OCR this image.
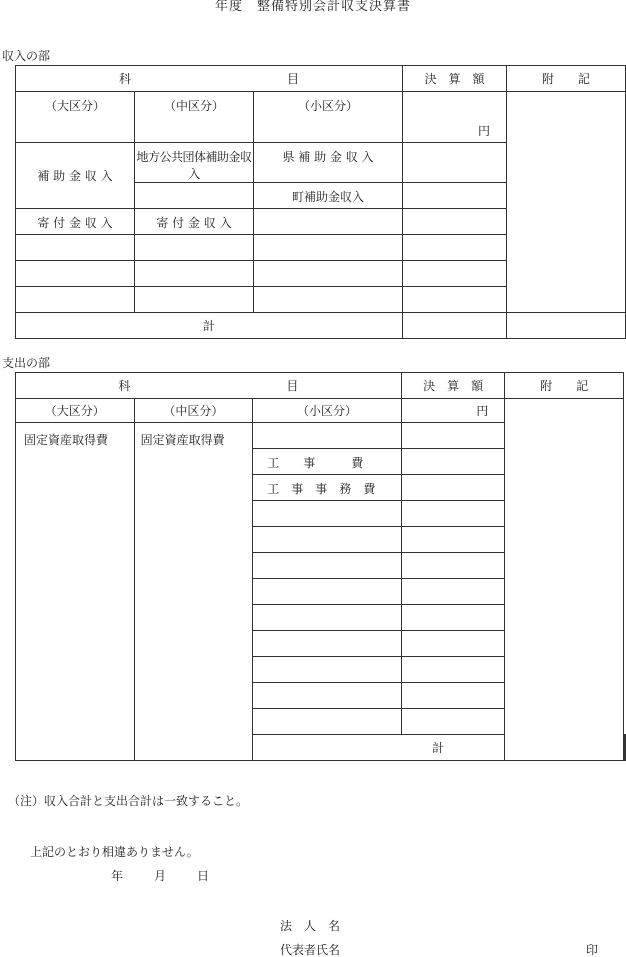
年度　整備特別会計収支決算書
収入の部
科　　　　　　　　　　　　　目			決　算　額	附　　記
（大区分）	（中区分）	（小区分）	円	
補 助 金 収 入	地方公共団体補助金収入	県 補 助 金 収 入		
		町補助金収入		
寄 付 金 収 入	寄 付 金 収 入			

計				
支出の部
科　　　　　　　　　　　　　目			決　算　額	附　　記	
（大区分）	（中区分）	（小区分）	円		
固定資産取得費	固定資産取得費				
		工　　事　　　費			
		工　事　事　務　費			

		計			
（注）収入合計と支出合計は一致すること。
上記のとおり相違ありません。
年	月	日
法　人　名
代表者氏名	印
